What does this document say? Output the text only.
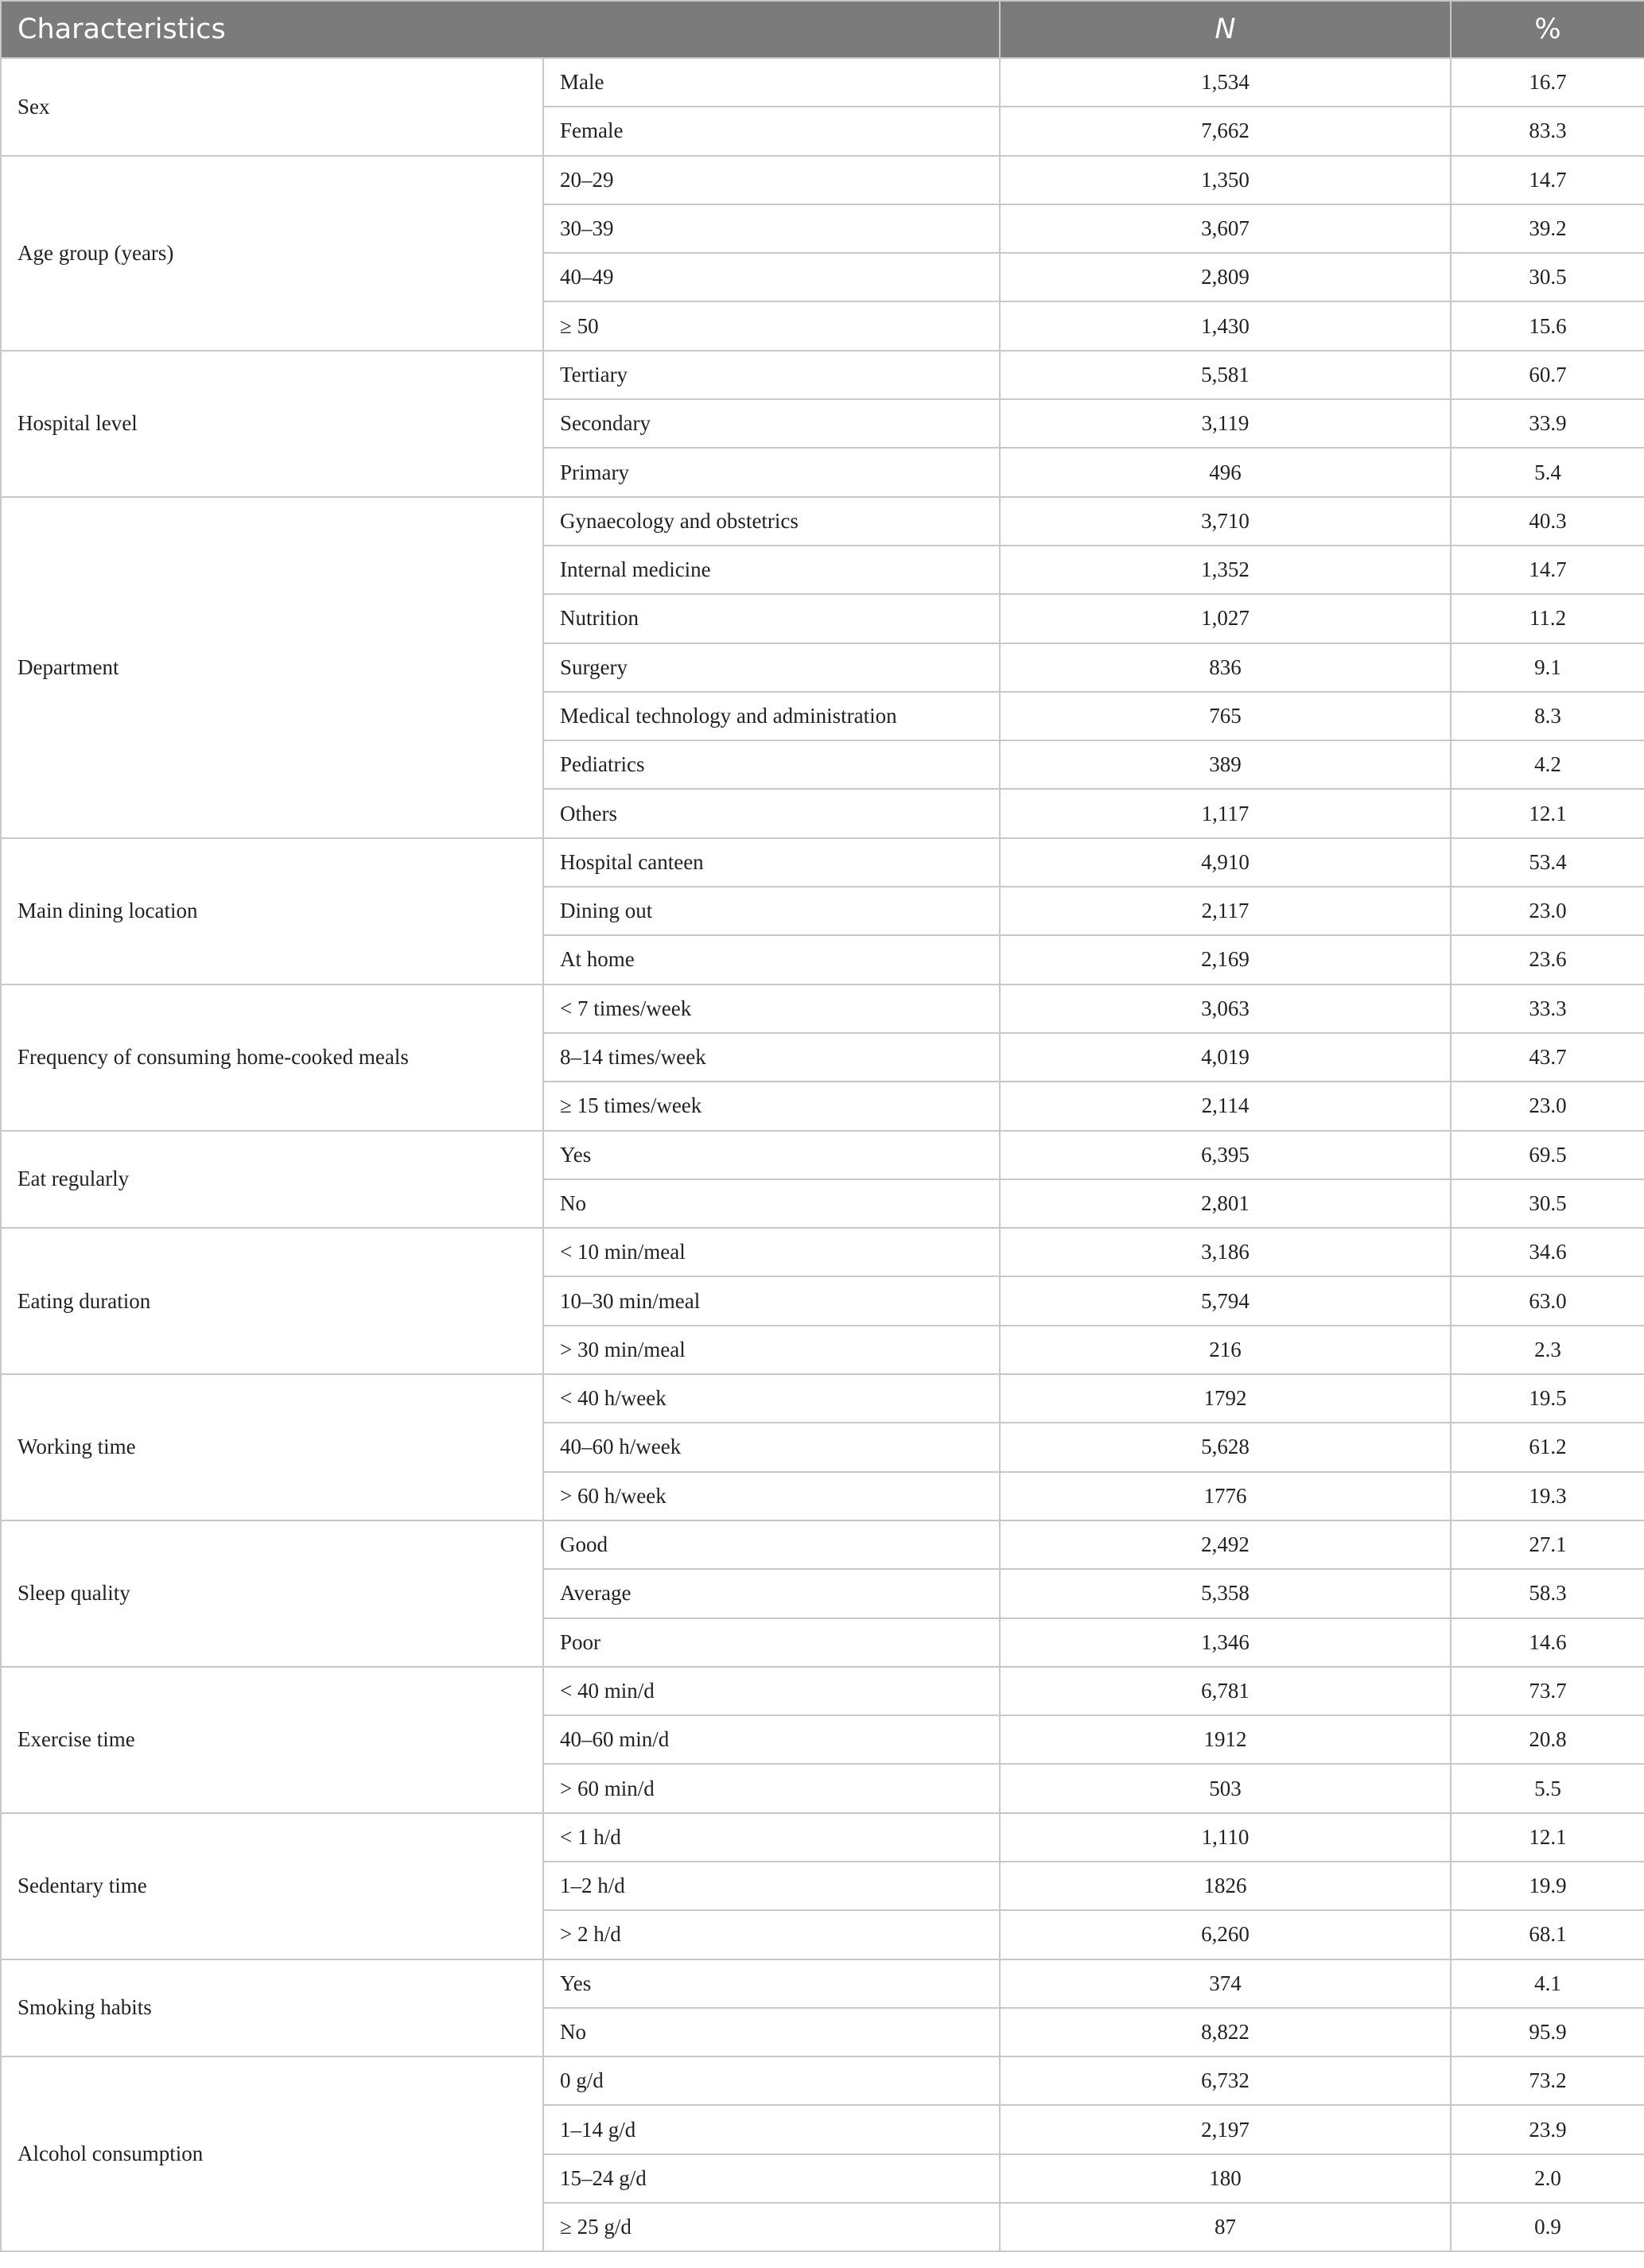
Characteristics		N	%
Sex	Male	1,534	16.7
	Female	7,662	83.3
Age group (years)	20–29	1,350	14.7
	30–39	3,607	39.2
	40–49	2,809	30.5
	≥ 50	1,430	15.6
Hospital level	Tertiary	5,581	60.7
	Secondary	3,119	33.9
	Primary	496	5.4
Department	Gynaecology and obstetrics	3,710	40.3
	Internal medicine	1,352	14.7
	Nutrition	1,027	11.2
	Surgery	836	9.1
	Medical technology and administration	765	8.3
	Pediatrics	389	4.2
	Others	1,117	12.1
Main dining location	Hospital canteen	4,910	53.4
	Dining out	2,117	23.0
	At home	2,169	23.6
Frequency of consuming home-cooked meals	< 7 times/week	3,063	33.3
	8–14 times/week	4,019	43.7
	≥ 15 times/week	2,114	23.0
Eat regularly	Yes	6,395	69.5
	No	2,801	30.5
Eating duration	< 10 min/meal	3,186	34.6
	10–30 min/meal	5,794	63.0
	> 30 min/meal	216	2.3
Working time	< 40 h/week	1792	19.5
	40–60 h/week	5,628	61.2
	> 60 h/week	1776	19.3
Sleep quality	Good	2,492	27.1
	Average	5,358	58.3
	Poor	1,346	14.6
Exercise time	< 40 min/d	6,781	73.7
	40–60 min/d	1912	20.8
	> 60 min/d	503	5.5
Sedentary time	< 1 h/d	1,110	12.1
	1–2 h/d	1826	19.9
	> 2 h/d	6,260	68.1
Smoking habits	Yes	374	4.1
	No	8,822	95.9
Alcohol consumption	0 g/d	6,732	73.2
	1–14 g/d	2,197	23.9
	15–24 g/d	180	2.0
	≥ 25 g/d	87	0.9
